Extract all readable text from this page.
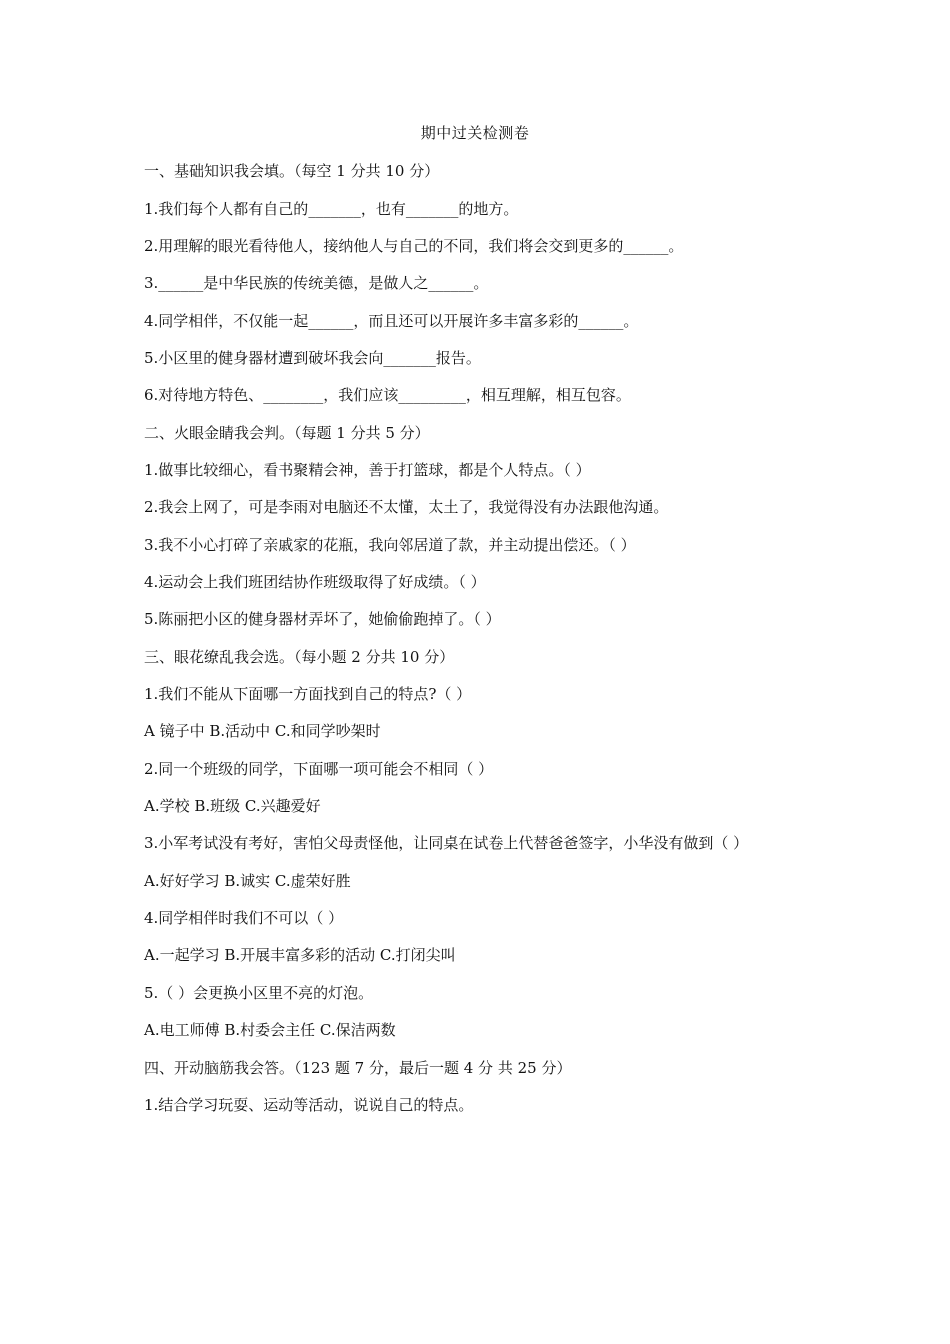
期中过关检测卷
一、基础知识我会填。（每空 1 分共 10 分）
1.我们每个人都有自己的_______，也有_______的地方。
2.用理解的眼光看待他人，接纳他人与自己的不同，我们将会交到更多的______。
3.______是中华民族的传统美德，是做人之______。
4.同学相伴，不仅能一起______，而且还可以开展许多丰富多彩的______。
5.小区里的健身器材遭到破坏我会向_______报告。
6.对待地方特色、________，我们应该_________，相互理解，相互包容。
二、火眼金睛我会判。（每题 1 分共 5 分）
1.做事比较细心，看书聚精会神，善于打篮球，都是个人特点。（ ）
2.我会上网了，可是李雨对电脑还不太懂，太土了，我觉得没有办法跟他沟通。
3.我不小心打碎了亲戚家的花瓶，我向邻居道了款，并主动提出偿还。（ ）
4.运动会上我们班团结协作班级取得了好成绩。（ ）
5.陈丽把小区的健身器材弄坏了，她偷偷跑掉了。（ ）
三、眼花缭乱我会选。（每小题 2 分共 10 分）
1.我们不能从下面哪一方面找到自己的特点?（ ）
A 镜子中 B.活动中 C.和同学吵架时
2.同一个班级的同学，下面哪一项可能会不相同（ ）
A.学校 B.班级 C.兴趣爱好
3.小军考试没有考好，害怕父母责怪他，让同桌在试卷上代替爸爸签字，小华没有做到（ ）
A.好好学习 B.诚实 C.虚荣好胜
4.同学相伴时我们不可以（ ）
A.一起学习 B.开展丰富多彩的活动 C.打闭尖叫
5.（ ）会更换小区里不亮的灯泡。
A.电工师傅 B.村委会主任 C.保洁两数
四、开动脑筋我会答。（123 题 7 分，最后一题 4 分 共 25 分）
1.结合学习玩耍、运动等活动，说说自己的特点。
